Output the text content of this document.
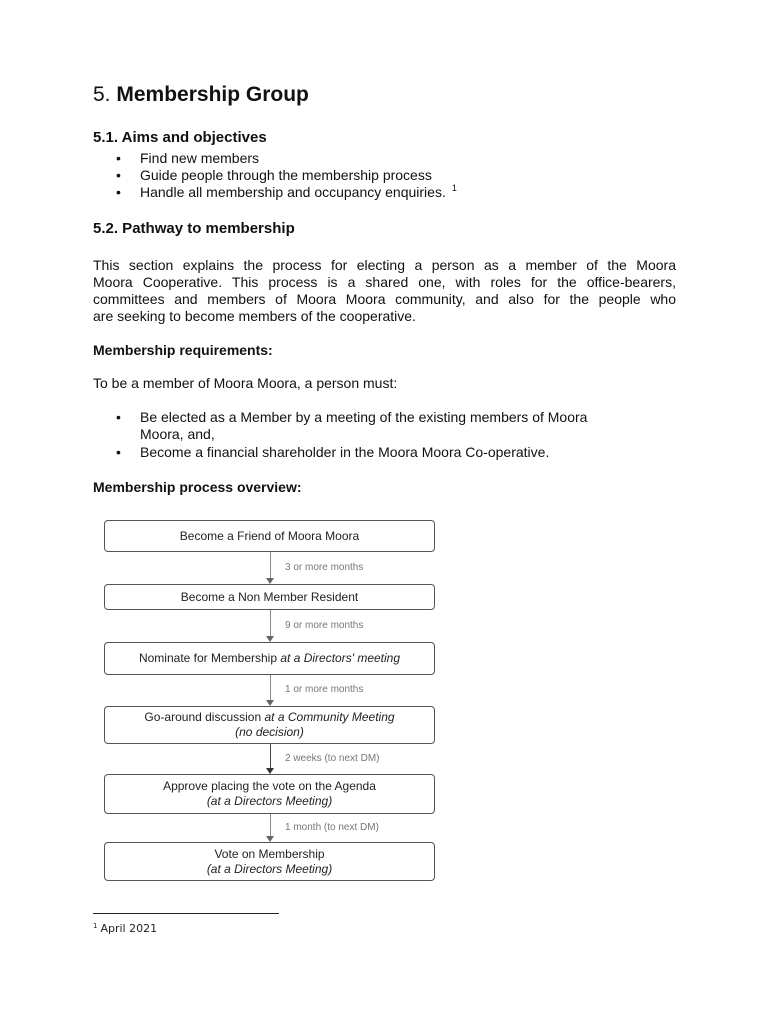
5. Membership Group
5.1. Aims and objectives
• Find new members
• Guide people through the membership process
• Handle all membership and occupancy enquiries. $^1$
5.2. Pathway to membership
This section explains the process for electing a person as a member of the Moora
Moora Cooperative. This process is a shared one, with roles for the office-bearers,
committees and members of Moora Moora community, and also for the people who
are seeking to become members of the cooperative.
Membership requirements:
To be a member of Moora Moora, a person must:
• Be elected as a Member by a meeting of the existing members of Moora
Moora, and,
• Become a financial shareholder in the Moora Moora Co-operative.
Membership process overview:
Become a Friend of Moora Moora
Become a Non Member Resident
Nominate for Membership at a Directors' meeting
Go-around discussion at a Community Meeting
(no decision)
Approve placing the vote on the Agenda
(at a Directors Meeting)
Vote on Membership
(at a Directors Meeting)
3 or more months
9 or more months
1 or more months
2 weeks (to next DM)
1 month (to next DM)
$^1$ April 2021
